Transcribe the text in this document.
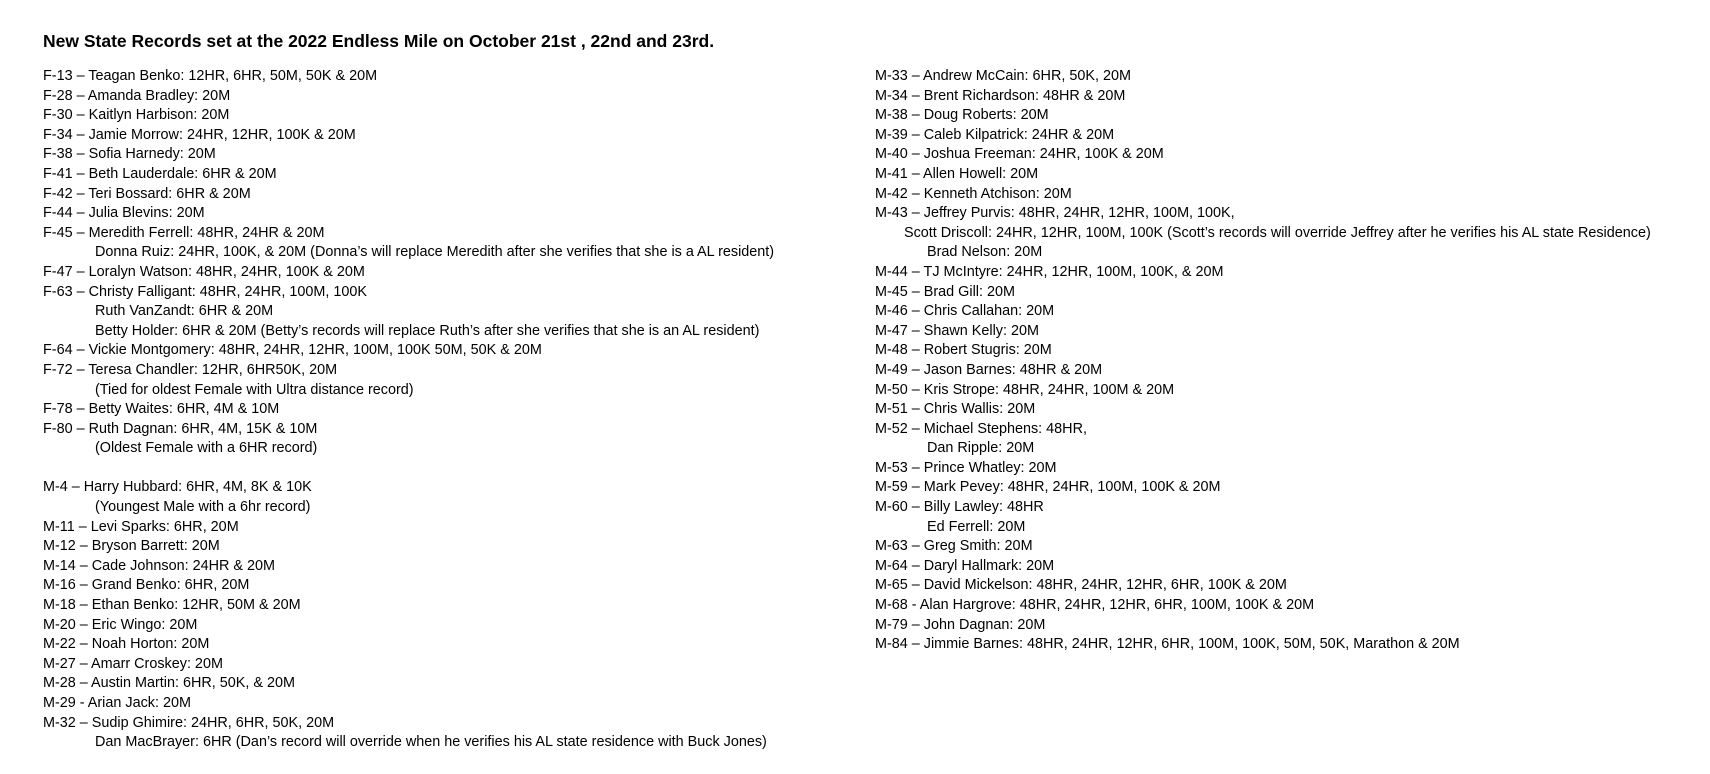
New State Records set at the 2022 Endless Mile on October 21st , 22nd and 23rd.
F-13 – Teagan Benko: 12HR, 6HR, 50M, 50K & 20M
F-28 – Amanda Bradley: 20M
F-30 – Kaitlyn Harbison: 20M
F-34 – Jamie Morrow: 24HR, 12HR, 100K & 20M
F-38 – Sofia Harnedy: 20M
F-41 – Beth Lauderdale: 6HR & 20M
F-42 – Teri Bossard: 6HR & 20M
F-44 – Julia Blevins: 20M
F-45 – Meredith Ferrell: 48HR, 24HR & 20M
Donna Ruiz: 24HR, 100K, & 20M (Donna’s will replace Meredith after she verifies that she is a AL resident)
F-47 – Loralyn Watson: 48HR, 24HR, 100K & 20M
F-63 – Christy Falligant: 48HR, 24HR, 100M, 100K
Ruth VanZandt: 6HR & 20M
Betty Holder: 6HR & 20M (Betty’s records will replace Ruth’s after she verifies that she is an AL resident)
F-64 – Vickie Montgomery: 48HR, 24HR, 12HR, 100M, 100K 50M, 50K & 20M
F-72 – Teresa Chandler: 12HR, 6HR50K, 20M
(Tied for oldest Female with Ultra distance record)
F-78 – Betty Waites: 6HR, 4M & 10M
F-80 – Ruth Dagnan: 6HR, 4M, 15K & 10M
(Oldest Female with a 6HR record)
M-4 – Harry Hubbard: 6HR, 4M, 8K & 10K
(Youngest Male with a 6hr record)
M-11 – Levi Sparks: 6HR, 20M
M-12 – Bryson Barrett: 20M
M-14 – Cade Johnson: 24HR & 20M
M-16 – Grand Benko: 6HR, 20M
M-18 – Ethan Benko: 12HR, 50M & 20M
M-20 – Eric Wingo: 20M
M-22 – Noah Horton: 20M
M-27 – Amarr Croskey: 20M
M-28 – Austin Martin: 6HR, 50K, & 20M
M-29 - Arian Jack: 20M
M-32 – Sudip Ghimire: 24HR, 6HR, 50K, 20M
Dan MacBrayer: 6HR (Dan’s record will override when he verifies his AL state residence with Buck Jones)
M-33 – Andrew McCain: 6HR, 50K, 20M
M-34 – Brent Richardson: 48HR & 20M
M-38 – Doug Roberts: 20M
M-39 – Caleb Kilpatrick: 24HR & 20M
M-40 – Joshua Freeman: 24HR, 100K & 20M
M-41 – Allen Howell: 20M
M-42 – Kenneth Atchison: 20M
M-43 – Jeffrey Purvis: 48HR, 24HR, 12HR, 100M, 100K,
Scott Driscoll: 24HR, 12HR, 100M, 100K (Scott’s records will override Jeffrey after he verifies his AL state Residence)
Brad Nelson: 20M
M-44 – TJ McIntyre: 24HR, 12HR, 100M, 100K, & 20M
M-45 – Brad Gill: 20M
M-46 – Chris Callahan: 20M
M-47 – Shawn Kelly: 20M
M-48 – Robert Stugris: 20M
M-49 – Jason Barnes: 48HR & 20M
M-50 – Kris Strope: 48HR, 24HR, 100M & 20M
M-51 – Chris Wallis: 20M
M-52 – Michael Stephens: 48HR,
Dan Ripple: 20M
M-53 – Prince Whatley: 20M
M-59 – Mark Pevey: 48HR, 24HR, 100M, 100K & 20M
M-60 – Billy Lawley: 48HR
Ed Ferrell: 20M
M-63 – Greg Smith: 20M
M-64 – Daryl Hallmark: 20M
M-65 – David Mickelson: 48HR, 24HR, 12HR, 6HR, 100K & 20M
M-68 - Alan Hargrove: 48HR, 24HR, 12HR, 6HR, 100M, 100K & 20M
M-79 – John Dagnan: 20M
M-84 – Jimmie Barnes: 48HR, 24HR, 12HR, 6HR, 100M, 100K, 50M, 50K, Marathon & 20M
